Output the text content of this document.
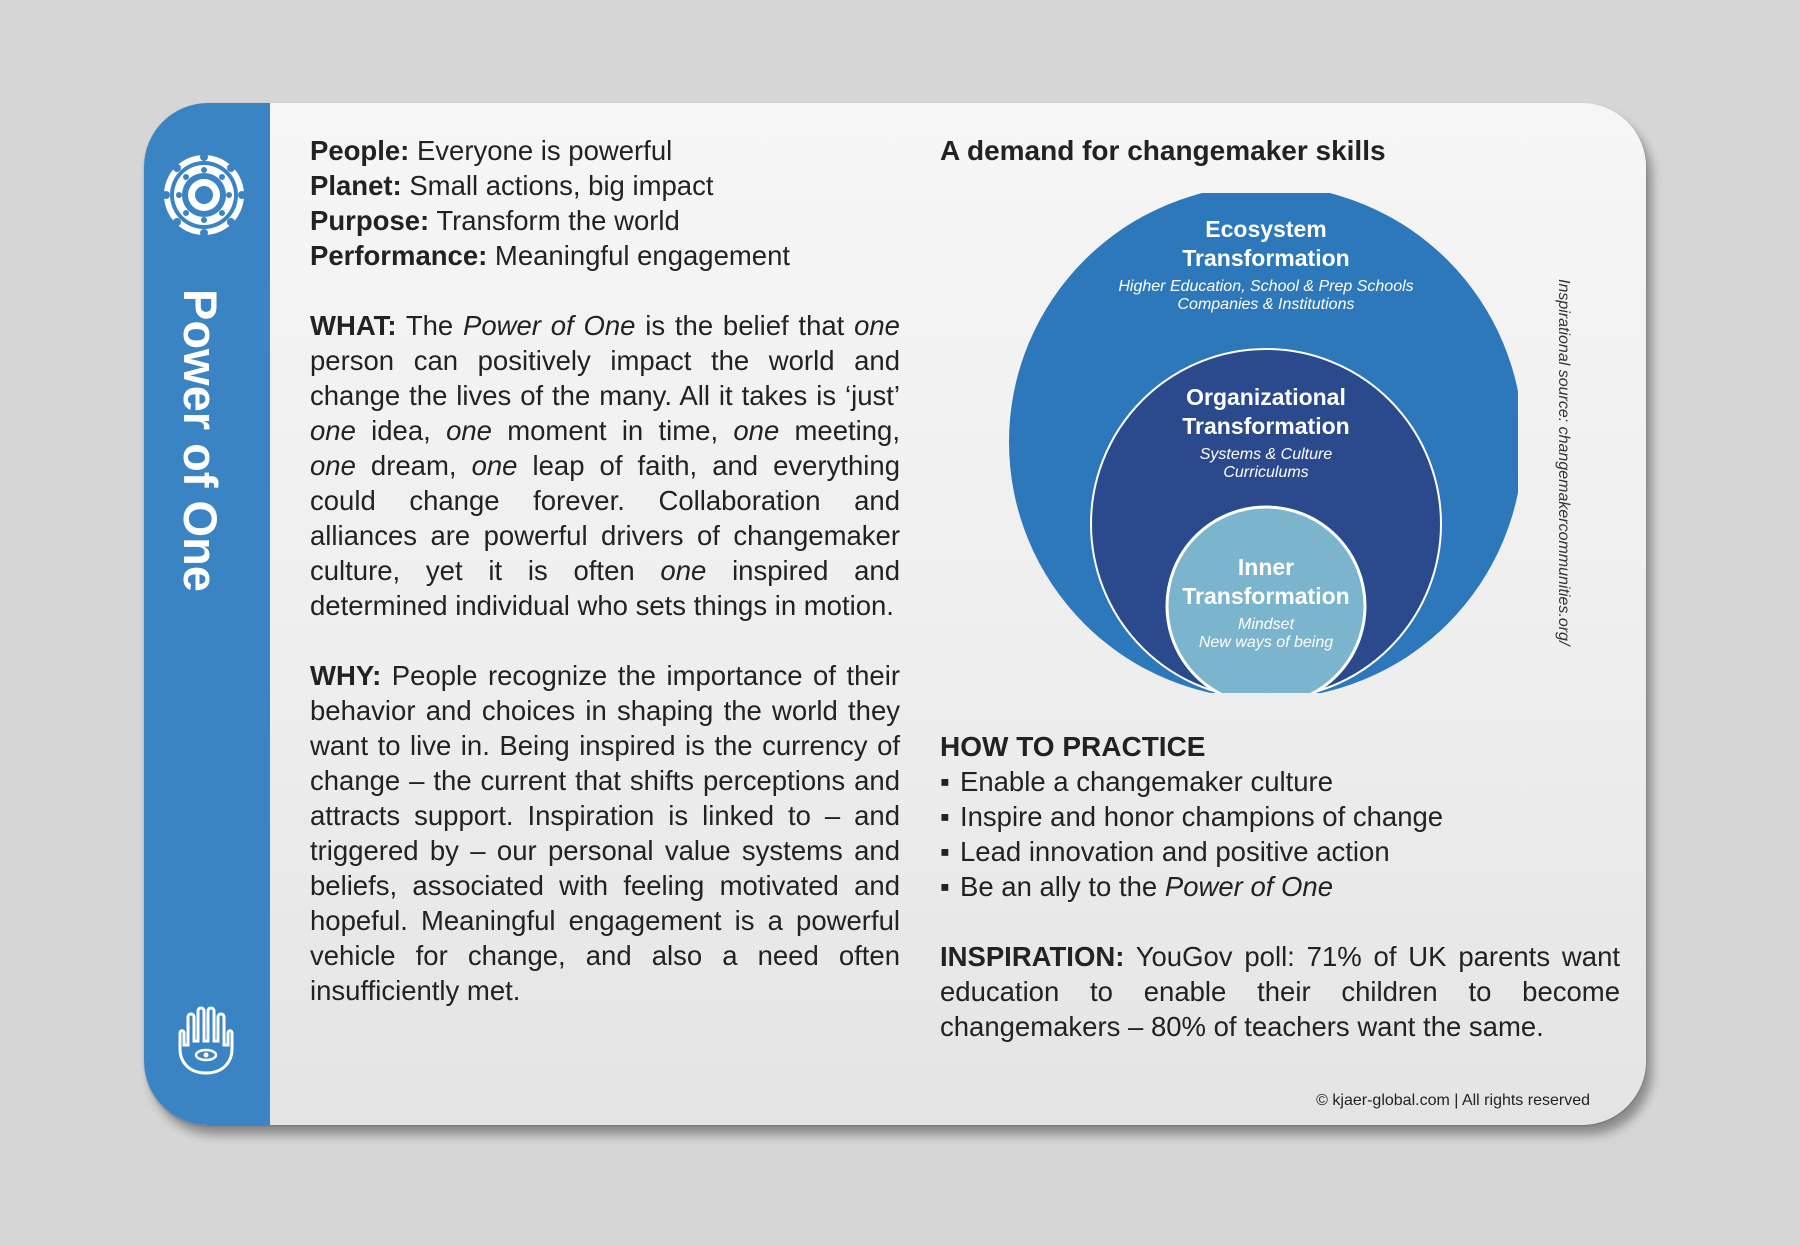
Power of One

People: Everyone is powerful

Planet: Small actions, big impact

Purpose: Transform the world

Performance: Meaningful engagement

WHAT: The Power of One is the belief that one person can positively impact the world and change the lives of the many. All it takes is ‘just’ one idea, one moment in time, one meeting, one dream, one leap of faith, and everything could change forever. Collaboration and alliances are powerful drivers of changemaker culture, yet it is often one inspired and determined individual who sets things in motion.

WHY: People recognize the importance of their behavior and choices in shaping the world they want to live in. Being inspired is the currency of change – the current that shifts perceptions and attracts support. Inspiration is linked to – and triggered by – our personal value systems and beliefs, associated with feeling motivated and hopeful. Meaningful engagement is a powerful vehicle for change, and also a need often insufficiently met.

A demand for changemaker skills

Ecosystem
Transformation
Higher Education, School & Prep Schools
Companies & Institutions
Organizational
Transformation
Systems & Culture
Curriculums
Inner
Transformation
Mindset
New ways of being	Inspirational source: changemakercommunities.org/
HOW TO PRACTICE
▪ Enable a changemaker culture
▪ Inspire and honor champions of change
▪ Lead innovation and positive action
▪ Be an ally to the Power of One

INSPIRATION: YouGov poll: 71% of UK parents want education to enable their children to become changemakers – 80% of teachers want the same.

© kjaer-global.com | All rights reserved
